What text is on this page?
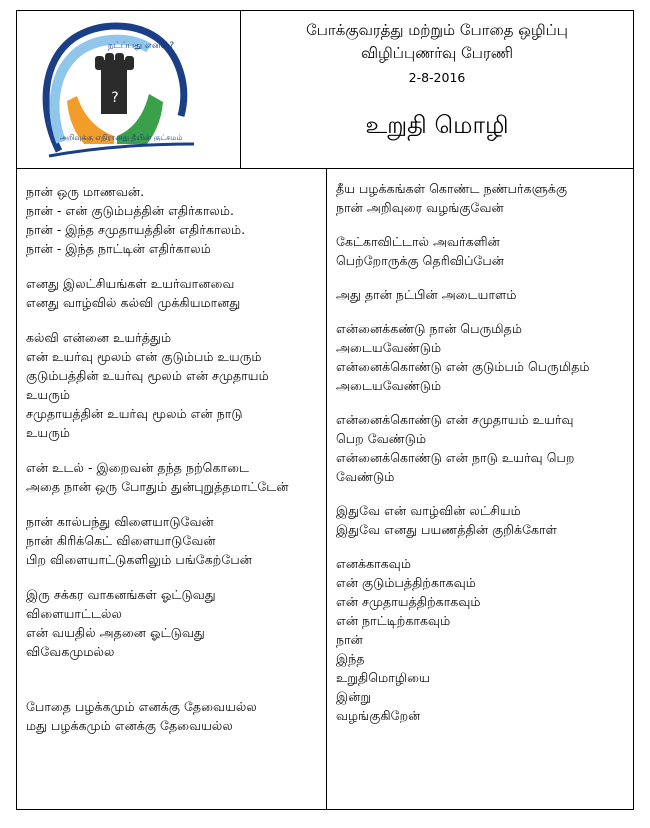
?
நட்ப்பது எனன?
அறிவுக்கு எதிரானது தீயின் குட்சமம்
போக்குவரத்து மற்றும் போதை ஒழிப்பு
விழிப்புணர்வு பேரணி
2-8-2016
உறுதி மொழி
நான் ஒரு மாணவன்.
நான் - என் குடும்பத்தின் எதிர்காலம்.
நான் - இந்த சமுதாயத்தின் எதிர்காலம்.
நான் - இந்த நாட்டின் எதிர்காலம்
எனது இலட்சியங்கள் உயர்வானவை
எனது வாழ்வில் கல்வி முக்கியமானது
கல்வி என்னை உயர்த்தும்
என் உயர்வு மூலம் என் குடும்பம் உயரும்
குடும்பத்தின் உயர்வு மூலம் என் சமுதாயம்
உயரும்
சமுதாயத்தின் உயர்வு மூலம் என் நாடு
உயரும்
என் உடல் - இறைவன் தந்த நற்கொடை
அதை நான் ஒரு போதும் துன்புறுத்தமாட்டேன்
நான் கால்பந்து விளையாடுவேன்
நான் கிரிக்கெட் விளையாடுவேன்
பிற விளையாட்டுகளிலும் பங்கேற்பேன்
இரு சக்கர வாகனங்கள் ஓட்டுவது
விளையாட்டல்ல
என் வயதில் அதனை ஓட்டுவது
விவேகமுமல்ல
போதை பழக்கமும் எனக்கு தேவையல்ல
மது பழக்கமும் எனக்கு தேவையல்ல
தீய பழக்கங்கள் கொண்ட நண்பர்களுக்கு
நான் அறிவுரை வழங்குவேன்
கேட்காவிட்டால் அவர்களின்
பெற்றோருக்கு தெரிவிப்பேன்
அது தான் நட்பின் அடையாளம்
என்னைக்கண்டு நான் பெருமிதம்
அடையவேண்டும்
என்னைக்கொண்டு என் குடும்பம் பெருமிதம்
அடையவேண்டும்
என்னைக்கொண்டு என் சமுதாயம் உயர்வு
பெற வேண்டும்
என்னைக்கொண்டு என் நாடு உயர்வு பெற
வேண்டும்
இதுவே என் வாழ்வின் லட்சியம்
இதுவே எனது பயணத்தின் குறிக்கோள்
எனக்காகவும்
என் குடும்பத்திற்காகவும்
என் சமுதாயத்திற்காகவும்
என் நாட்டிற்காகவும்
நான்
இந்த
உறுதிமொழியை
இன்று
வழங்குகிறேன்
